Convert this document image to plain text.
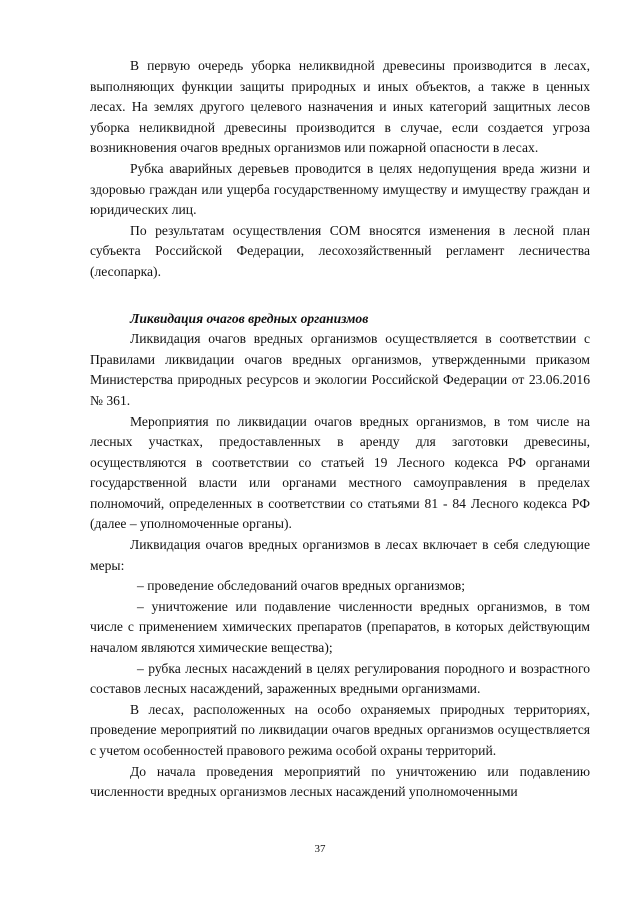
В первую очередь уборка неликвидной древесины производится в лесах, выполняющих функции защиты природных и иных объектов, а также в ценных лесах. На землях другого целевого назначения и иных категорий защитных лесов уборка неликвидной древесины производится в случае, если создается угроза возникновения очагов вредных организмов или пожарной опасности в лесах.

Рубка аварийных деревьев проводится в целях недопущения вреда жизни и здоровью граждан или ущерба государственному имуществу и имуществу граждан и юридических лиц.

По результатам осуществления СОМ вносятся изменения в лесной план субъекта Российской Федерации, лесохозяйственный регламент лесничества (лесопарка).

Ликвидация очагов вредных организмов

Ликвидация очагов вредных организмов осуществляется в соответствии с Правилами ликвидации очагов вредных организмов, утвержденными приказом Министерства природных ресурсов и экологии Российской Федерации от 23.06.2016 № 361.

Мероприятия по ликвидации очагов вредных организмов, в том числе на лесных участках, предоставленных в аренду для заготовки древесины, осуществляются в соответствии со статьей 19 Лесного кодекса РФ органами государственной власти или органами местного самоуправления в пределах полномочий, определенных в соответствии со статьями 81 - 84 Лесного кодекса РФ (далее – уполномоченные органы).

Ликвидация очагов вредных организмов в лесах включает в себя следующие меры:

– проведение обследований очагов вредных организмов;

– уничтожение или подавление численности вредных организмов, в том числе с применением химических препаратов (препаратов, в которых действующим началом являются химические вещества);

– рубка лесных насаждений в целях регулирования породного и возрастного составов лесных насаждений, зараженных вредными организмами.

В лесах, расположенных на особо охраняемых природных территориях, проведение мероприятий по ликвидации очагов вредных организмов осуществляется с учетом особенностей правового режима особой охраны территорий.

До начала проведения мероприятий по уничтожению или подавлению численности вредных организмов лесных насаждений уполномоченными

37
